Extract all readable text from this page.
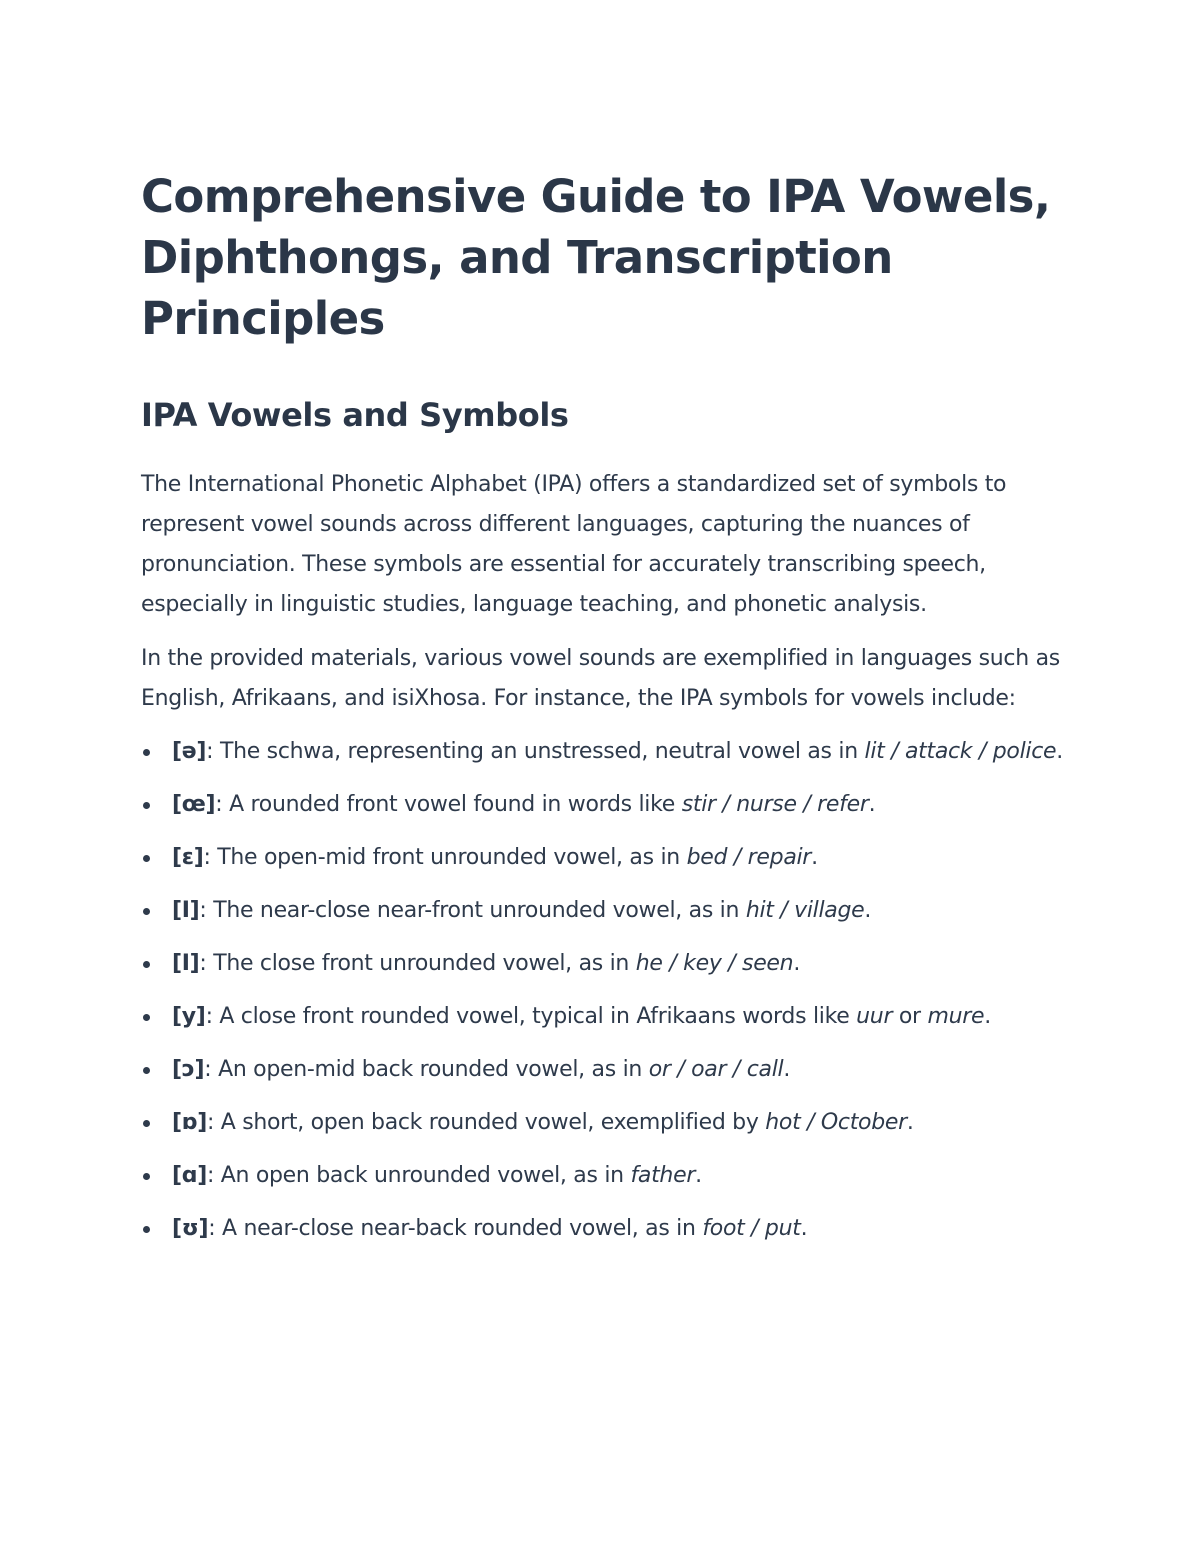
Comprehensive Guide to IPA Vowels, Diphthongs, and Transcription Principles
IPA Vowels and Symbols

The International Phonetic Alphabet (IPA) offers a standardized set of symbols to represent vowel sounds across different languages, capturing the nuances of pronunciation. These symbols are essential for accurately transcribing speech, especially in linguistic studies, language teaching, and phonetic analysis.

In the provided materials, various vowel sounds are exemplified in languages such as English, Afrikaans, and isiXhosa. For instance, the IPA symbols for vowels include:

[ə]: The schwa, representing an unstressed, neutral vowel as in lit / attack / police.
[œ]: A rounded front vowel found in words like stir / nurse / refer.
[ɛ]: The open-mid front unrounded vowel, as in bed / repair.
[I]: The near-close near-front unrounded vowel, as in hit / village.
[I]: The close front unrounded vowel, as in he / key / seen.
[y]: A close front rounded vowel, typical in Afrikaans words like uur or mure.
[ɔ]: An open-mid back rounded vowel, as in or / oar / call.
[ɒ]: A short, open back rounded vowel, exemplified by hot / October.
[ɑ]: An open back unrounded vowel, as in father.
[ʊ]: A near-close near-back rounded vowel, as in foot / put.
